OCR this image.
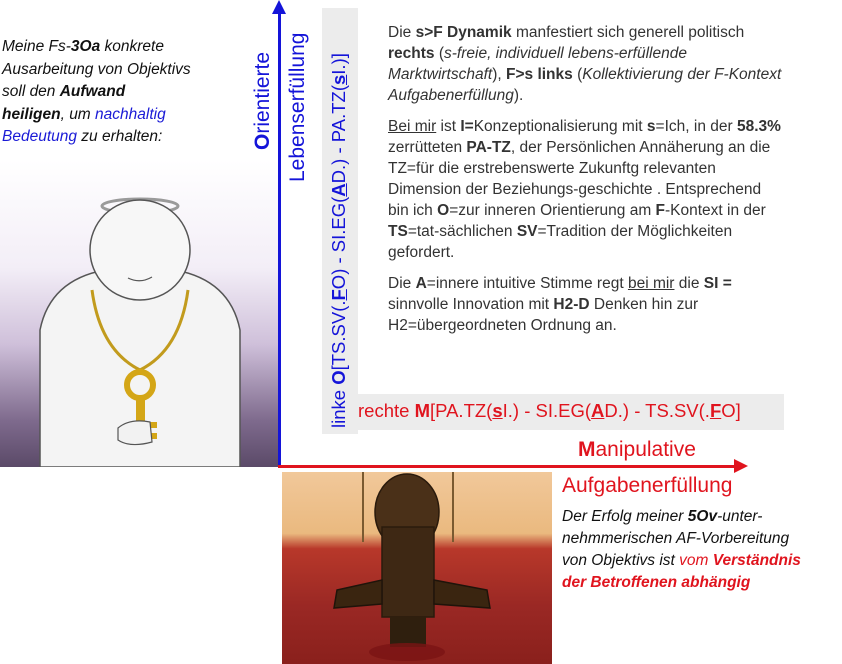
Meine Fs-3Oa konkrete
Ausarbeitung von Objektivs
soll den Aufwand
heiligen, um nachhaltig
Bedeutung zu erhalten:	Orientierte Lebenserfüllung
linke O[TS.SV(.FO) - SI.EG(AD.) - PA.TZ(sI.)]

Die s>F Dynamik manfestiert sich generell politisch rechts (s-freie, individuell lebens-erfüllende Marktwirtschaft), F>s links (Kollektivierung der F-Kontext Aufgabenerfüllung).

Bei mir ist I=Konzeptionalisierung mit s=Ich, in der 58.3% zerrütteten PA-TZ, der Persönlichen Annäherung an die TZ=für die erstrebenswerte Zukunftg relevanten Dimension der Beziehungs-geschichte . Entsprechend bin ich O=zur inneren Orientierung am F-Kontext in der TS=tat-sächlichen SV=Tradition der Möglichkeiten gefordert.

Die A=innere intuitive Stimme regt bei mir die SI = sinnvolle Innovation mit H2-D Denken hin zur H2=übergeordneten Ordnung an.

rechte M[PA.TZ(sI.) - SI.EG(AD.) - TS.SV(.FO]
Manipulative
Aufgabenerfüllung
Der Erfolg meiner 5Ov-unter-
nehmmerischen AF-Vorbereitung
von Objektivs ist vom Verständnis
der Betroffenen abhängig
